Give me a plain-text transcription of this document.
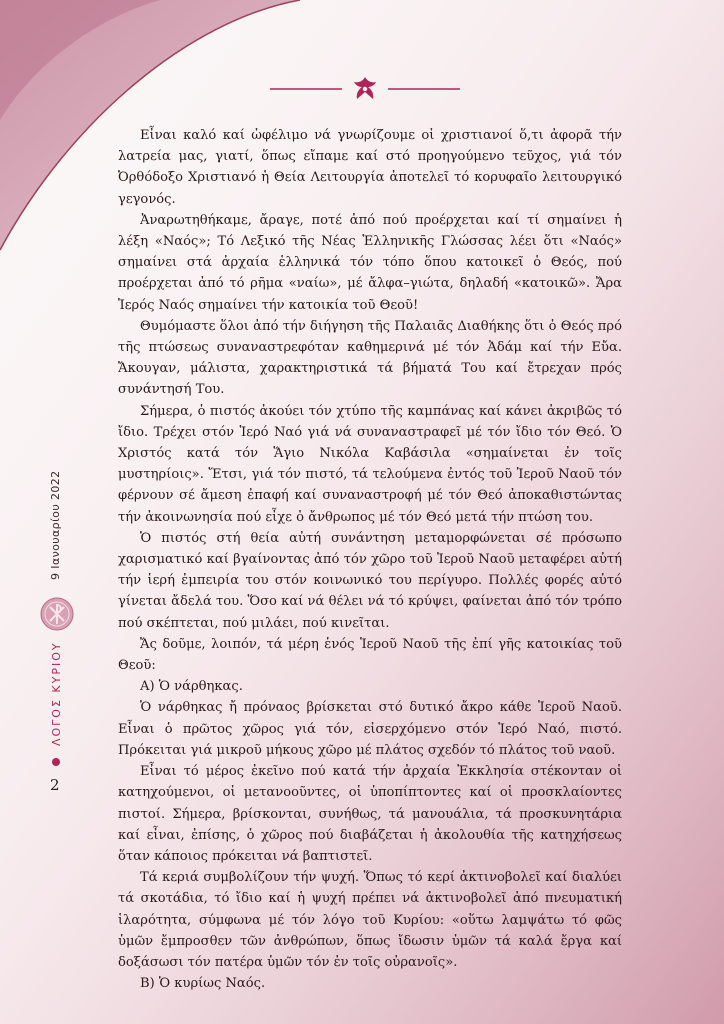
9 Ιανουαρίου 2022
ΛΟΓΟΣ ΚΥΡΙΟΥ
2

Εἶναι καλό καί ὠφέλιμο νά γνωρίζουμε οἱ χριστιανοί ὅ,τι ἀφορᾶ τήν λατρεία μας, γιατί, ὅπως εἴπαμε καί στό προηγούμενο τεῦχος, γιά τόν Ὀρθόδοξο Χριστιανό ἡ Θεία Λειτουργία ἀποτελεῖ τό κορυφαῖο λειτουργικό γεγονός.

Ἀναρωτηθήκαμε, ἄραγε, ποτέ ἀπό πού προέρχεται καί τί σημαίνει ἡ λέξη «Ναός»; Τό Λεξικό τῆς Νέας Ἑλληνικῆς Γλώσσας λέει ὅτι «Ναός» σημαίνει στά ἀρχαία ἑλληνικά τόν τόπο ὅπου κατοικεῖ ὁ Θεός, πού προέρχεται ἀπό τό ρῆμα «ναίω», μέ ἄλφα–γιώτα, δηλαδή «κατοικῶ». Ἄρα Ἱερός Ναός σημαίνει τήν κατοικία τοῦ Θεοῦ!

Θυμόμαστε ὅλοι ἀπό τήν διήγηση τῆς Παλαιᾶς Διαθήκης ὅτι ὁ Θεός πρό τῆς πτώσεως συναναστρεφόταν καθημερινά μέ τόν Ἀδάμ καί τήν Εὔα. Ἄκουγαν, μάλιστα, χαρακτηριστικά τά βήματά Του καί ἔτρεχαν πρός συνάντησή Του.

Σήμερα, ὁ πιστός ἀκούει τόν χτύπο τῆς καμπάνας καί κάνει ἀκριβῶς τό ἴδιο. Τρέχει στόν Ἱερό Ναό γιά νά συναναστραφεῖ μέ τόν ἴδιο τόν Θεό. Ὁ Χριστός κατά τόν Ἅγιο Νικόλα Καβάσιλα «σημαίνεται ἐν τοῖς μυστηρίοις». Ἔτσι, γιά τόν πιστό, τά τελούμενα ἐντός τοῦ Ἱεροῦ Ναοῦ τόν φέρνουν σέ ἄμεση ἐπαφή καί συναναστροφή μέ τόν Θεό ἀποκαθιστώντας τήν ἀκοινωνησία πού εἶχε ὁ ἄνθρωπος μέ τόν Θεό μετά τήν πτώση του.

Ὁ πιστός στή θεία αὐτή συνάντηση μεταμορφώνεται σέ πρόσωπο χαρισματικό καί βγαίνοντας ἀπό τόν χῶρο τοῦ Ἱεροῦ Ναοῦ μεταφέρει αὐτή τήν ἱερή ἐμπειρία του στόν κοινωνικό του περίγυρο. Πολλές φορές αὐτό γίνεται ἄδελά του. Ὅσο καί νά θέλει νά τό κρύψει, φαίνεται ἀπό τόν τρόπο πού σκέπτεται, πού μιλάει, πού κινεῖται.

Ἄς δοῦμε, λοιπόν, τά μέρη ἑνός Ἱεροῦ Ναοῦ τῆς ἐπί γῆς κατοικίας τοῦ Θεοῦ:

Α) Ὁ νάρθηκας.

Ὁ νάρθηκας ἤ πρόναος βρίσκεται στό δυτικό ἄκρο κάθε Ἱεροῦ Ναοῦ. Εἶναι ὁ πρῶτος χῶρος γιά τόν, εἰσερχόμενο στόν Ἱερό Ναό, πιστό. Πρόκειται γιά μικροῦ μήκους χῶρο μέ πλάτος σχεδόν τό πλάτος τοῦ ναοῦ.

Εἶναι τό μέρος ἐκεῖνο πού κατά τήν ἀρχαία Ἐκκλησία στέκονταν οἱ κατηχούμενοι, οἱ μετανοοῦντες, οἱ ὑποπίπτοντες καί οἱ προσκλαίοντες πιστοί. Σήμερα, βρίσκονται, συνήθως, τά μανουάλια, τά προσκυνητάρια καί εἶναι, ἐπίσης, ὁ χῶρος πού διαβάζεται ἡ ἀκολουθία τῆς κατηχήσεως ὅταν κάποιος πρόκειται νά βαπτιστεῖ.

Τά κεριά συμβολίζουν τήν ψυχή. Ὅπως τό κερί ἀκτινοβολεῖ καί διαλύει τά σκοτάδια, τό ἴδιο καί ἡ ψυχή πρέπει νά ἀκτινοβολεῖ ἀπό πνευματική ἱλαρότητα, σύμφωνα μέ τόν λόγο τοῦ Κυρίου: «οὕτω λαμψάτω τό φῶς ὑμῶν ἔμπροσθεν τῶν ἀνθρώπων, ὅπως ἴδωσιν ὑμῶν τά καλά ἔργα καί δοξάσωσι τόν πατέρα ὑμῶν τόν ἐν τοῖς οὐρανοῖς».

Β) Ὁ κυρίως Ναός.
